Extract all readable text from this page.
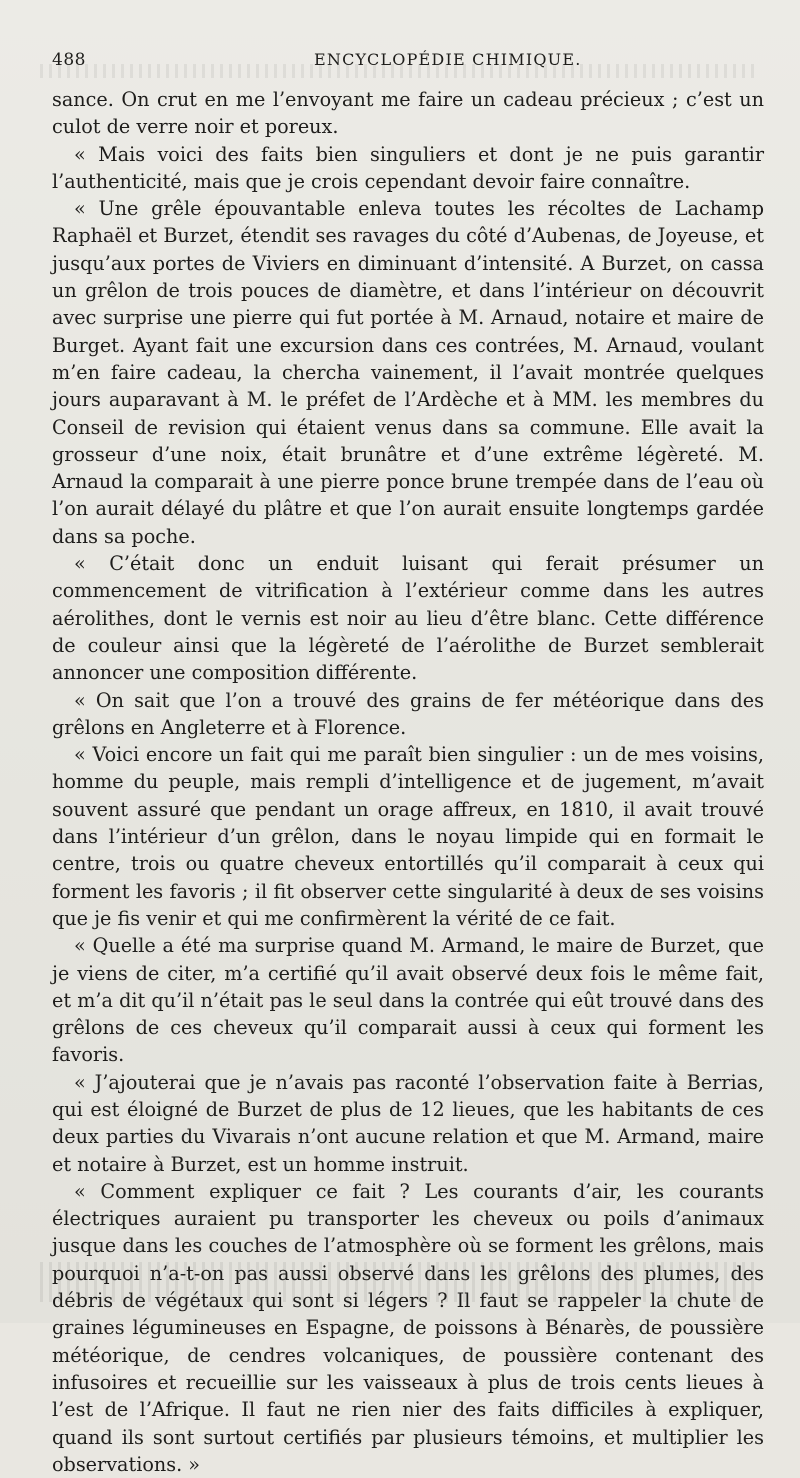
488	ENCYCLOPÉDIE CHIMIQUE.

sance. On crut en me l’envoyant me faire un cadeau précieux ; c’est un culot de verre noir et poreux.

« Mais voici des faits bien singuliers et dont je ne puis garantir l’authenticité, mais que je crois cependant devoir faire connaître.

« Une grêle épouvantable enleva toutes les récoltes de Lachamp Raphaël et Burzet, étendit ses ravages du côté d’Aubenas, de Joyeuse, et jusqu’aux portes de Viviers en diminuant d’intensité. A Burzet, on cassa un grêlon de trois pouces de diamètre, et dans l’intérieur on découvrit avec surprise une pierre qui fut portée à M. Arnaud, notaire et maire de Burget. Ayant fait une excursion dans ces contrées, M. Arnaud, voulant m’en faire cadeau, la chercha vainement, il l’avait montrée quelques jours auparavant à M. le préfet de l’Ardèche et à MM. les membres du Conseil de revision qui étaient venus dans sa commune. Elle avait la grosseur d’une noix, était brunâtre et d’une extrême légèreté. M. Arnaud la comparait à une pierre ponce brune trempée dans de l’eau où l’on aurait délayé du plâtre et que l’on aurait ensuite longtemps gardée dans sa poche.

« C’était donc un enduit luisant qui ferait présumer un commencement de vitrification à l’extérieur comme dans les autres aérolithes, dont le vernis est noir au lieu d’être blanc. Cette différence de couleur ainsi que la légèreté de l’aérolithe de Burzet semblerait annoncer une composition différente.

« On sait que l’on a trouvé des grains de fer météorique dans des grêlons en Angleterre et à Florence.

« Voici encore un fait qui me paraît bien singulier : un de mes voisins, homme du peuple, mais rempli d’intelligence et de jugement, m’avait souvent assuré que pendant un orage affreux, en 1810, il avait trouvé dans l’intérieur d’un grêlon, dans le noyau limpide qui en formait le centre, trois ou quatre cheveux entortillés qu’il comparait à ceux qui forment les favoris ; il fit observer cette singularité à deux de ses voisins que je fis venir et qui me confirmèrent la vérité de ce fait.

« Quelle a été ma surprise quand M. Armand, le maire de Burzet, que je viens de citer, m’a certifié qu’il avait observé deux fois le même fait, et m’a dit qu’il n’était pas le seul dans la contrée qui eût trouvé dans des grêlons de ces cheveux qu’il comparait aussi à ceux qui forment les favoris.

« J’ajouterai que je n’avais pas raconté l’observation faite à Berrias, qui est éloigné de Burzet de plus de 12 lieues, que les habitants de ces deux parties du Vivarais n’ont aucune relation et que M. Armand, maire et notaire à Burzet, est un homme instruit.

« Comment expliquer ce fait ? Les courants d’air, les courants électriques auraient pu transporter les cheveux ou poils d’animaux jusque dans les couches de l’atmosphère où se forment les grêlons, mais pourquoi n’a-t-on pas aussi observé dans les grêlons des plumes, des débris de végétaux qui sont si légers ? Il faut se rappeler la chute de graines légumineuses en Espagne, de poissons à Bénarès, de poussière météorique, de cendres volcaniques, de poussière contenant des infusoires et recueillie sur les vaisseaux à plus de trois cents lieues à l’est de l’Afrique. Il faut ne rien nier des faits difficiles à expliquer, quand ils sont surtout certifiés par plusieurs témoins, et multiplier les observations. »
